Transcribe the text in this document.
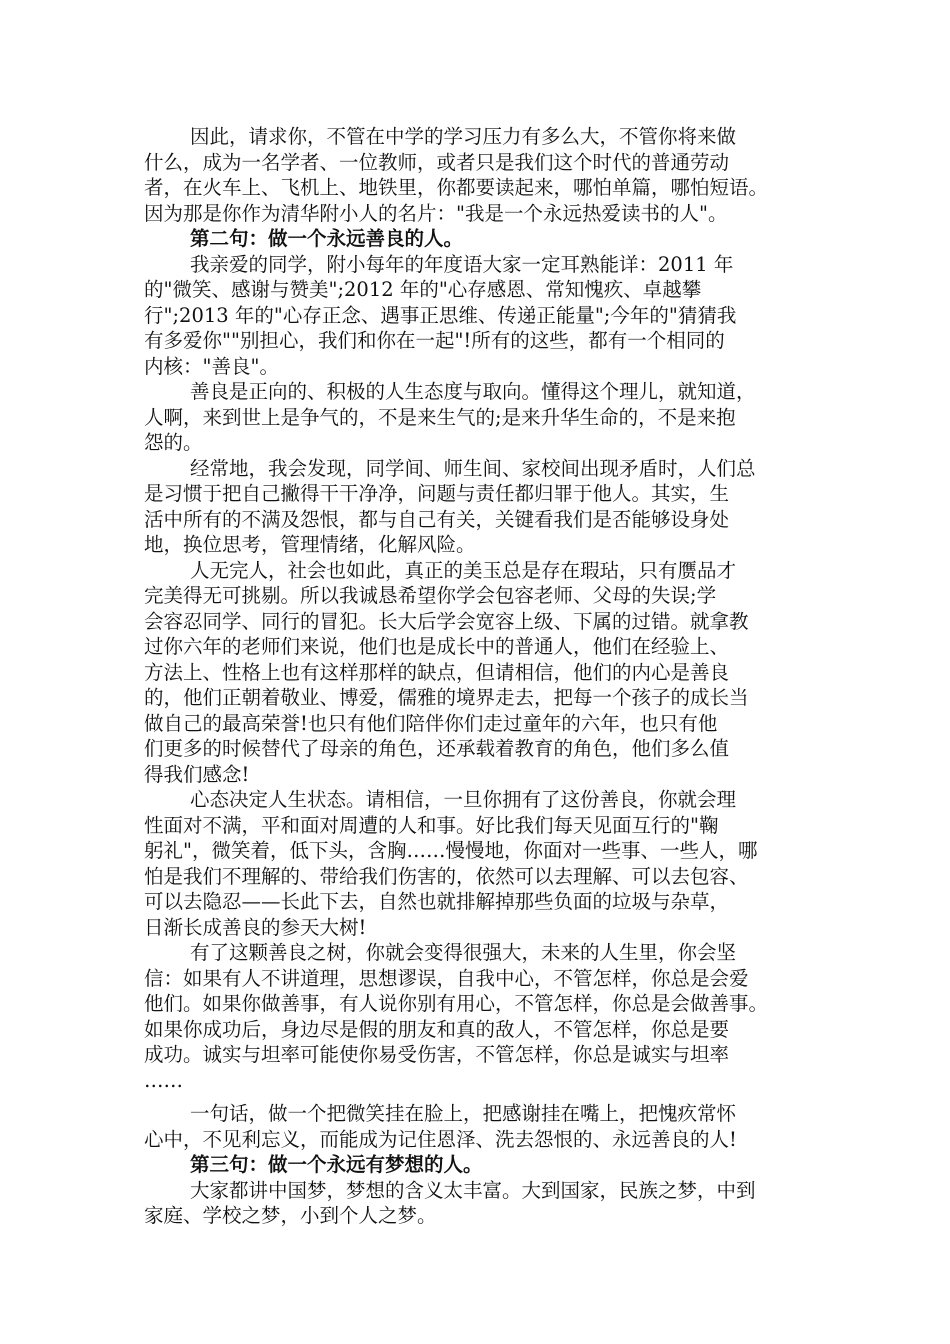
因此，请求你，不管在中学的学习压力有多么大，不管你将来做
什么，成为一名学者、一位教师，或者只是我们这个时代的普通劳动
者，在火车上、飞机上、地铁里，你都要读起来，哪怕单篇，哪怕短语。
因为那是你作为清华附小人的名片："我是一个永远热爱读书的人"。
第二句：做一个永远善良的人。
我亲爱的同学，附小每年的年度语大家一定耳熟能详：2011 年
的"微笑、感谢与赞美";2012 年的"心存感恩、常知愧疚、卓越攀
行";2013 年的"心存正念、遇事正思维、传递正能量";今年的"猜猜我
有多爱你""别担心，我们和你在一起"!所有的这些，都有一个相同的
内核："善良"。
善良是正向的、积极的人生态度与取向。懂得这个理儿，就知道，
人啊，来到世上是争气的，不是来生气的;是来升华生命的，不是来抱
怨的。
经常地，我会发现，同学间、师生间、家校间出现矛盾时，人们总
是习惯于把自己撇得干干净净，问题与责任都归罪于他人。其实，生
活中所有的不满及怨恨，都与自己有关，关键看我们是否能够设身处
地，换位思考，管理情绪，化解风险。
人无完人，社会也如此，真正的美玉总是存在瑕玷，只有赝品才
完美得无可挑剔。所以我诚恳希望你学会包容老师、父母的失误;学
会容忍同学、同行的冒犯。长大后学会宽容上级、下属的过错。就拿教
过你六年的老师们来说，他们也是成长中的普通人，他们在经验上、
方法上、性格上也有这样那样的缺点，但请相信，他们的内心是善良
的，他们正朝着敬业、博爱，儒雅的境界走去，把每一个孩子的成长当
做自己的最高荣誉!也只有他们陪伴你们走过童年的六年，也只有他
们更多的时候替代了母亲的角色，还承载着教育的角色，他们多么值
得我们感念!
心态决定人生状态。请相信，一旦你拥有了这份善良，你就会理
性面对不满，平和面对周遭的人和事。好比我们每天见面互行的"鞠
躬礼"，微笑着，低下头，含胸……慢慢地，你面对一些事、一些人，哪
怕是我们不理解的、带给我们伤害的，依然可以去理解、可以去包容、
可以去隐忍——长此下去，自然也就排解掉那些负面的垃圾与杂草，
日渐长成善良的参天大树!
有了这颗善良之树，你就会变得很强大，未来的人生里，你会坚
信：如果有人不讲道理，思想谬误，自我中心，不管怎样，你总是会爱
他们。如果你做善事，有人说你别有用心，不管怎样，你总是会做善事。
如果你成功后，身边尽是假的朋友和真的敌人，不管怎样，你总是要
成功。诚实与坦率可能使你易受伤害，不管怎样，你总是诚实与坦率
……
一句话，做一个把微笑挂在脸上，把感谢挂在嘴上，把愧疚常怀
心中，不见利忘义，而能成为记住恩泽、洗去怨恨的、永远善良的人!
第三句：做一个永远有梦想的人。
大家都讲中国梦，梦想的含义太丰富。大到国家，民族之梦，中到
家庭、学校之梦，小到个人之梦。
